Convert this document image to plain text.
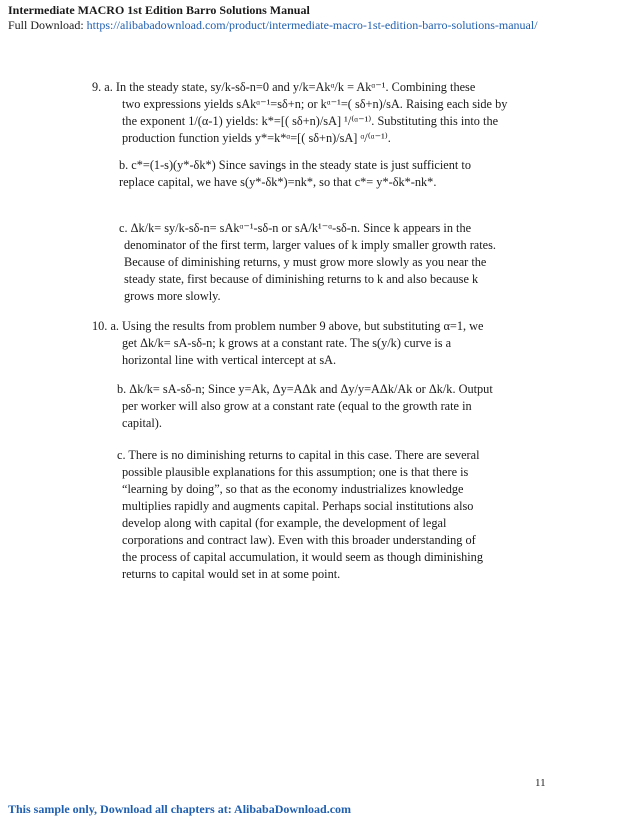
Intermediate MACRO 1st Edition Barro Solutions Manual
Full Download: https://alibabadownload.com/product/intermediate-macro-1st-edition-barro-solutions-manual/
9. a. In the steady state, sy/k-sδ-n=0 and y/k=Akᵅ/k = Akᵅ⁻¹. Combining these
two expressions yields sAkᵅ⁻¹=sδ+n; or kᵅ⁻¹=( sδ+n)/sA. Raising each side by
the exponent 1/(α-1) yields: k*=[( sδ+n)/sA] ¹/⁽ᵅ⁻¹⁾. Substituting this into the
production function yields y*=k*ᵅ=[( sδ+n)/sA] ᵅ/⁽ᵅ⁻¹⁾.
b. c*=(1-s)(y*-δk*) Since savings in the steady state is just sufficient to
replace capital, we have s(y*-δk*)=nk*, so that c*= y*-δk*-nk*.
c. Δk/k= sy/k-sδ-n= sAkᵅ⁻¹-sδ-n or sA/k¹⁻ᵅ-sδ-n. Since k appears in the
denominator of the first term, larger values of k imply smaller growth rates.
Because of diminishing returns, y must grow more slowly as you near the
steady state, first because of diminishing returns to k and also because k
grows more slowly.
10. a. Using the results from problem number 9 above, but substituting α=1, we
get Δk/k= sA-sδ-n; k grows at a constant rate. The s(y/k) curve is a
horizontal line with vertical intercept at sA.
b. Δk/k= sA-sδ-n; Since y=Ak, Δy=AΔk and Δy/y=AΔk/Ak or Δk/k. Output
per worker will also grow at a constant rate (equal to the growth rate in
capital).
c. There is no diminishing returns to capital in this case. There are several
possible plausible explanations for this assumption; one is that there is
“learning by doing”, so that as the economy industrializes knowledge
multiplies rapidly and augments capital. Perhaps social institutions also
develop along with capital (for example, the development of legal
corporations and contract law). Even with this broader understanding of
the process of capital accumulation, it would seem as though diminishing
returns to capital would set in at some point.
11
This sample only, Download all chapters at: AlibabaDownload.com
